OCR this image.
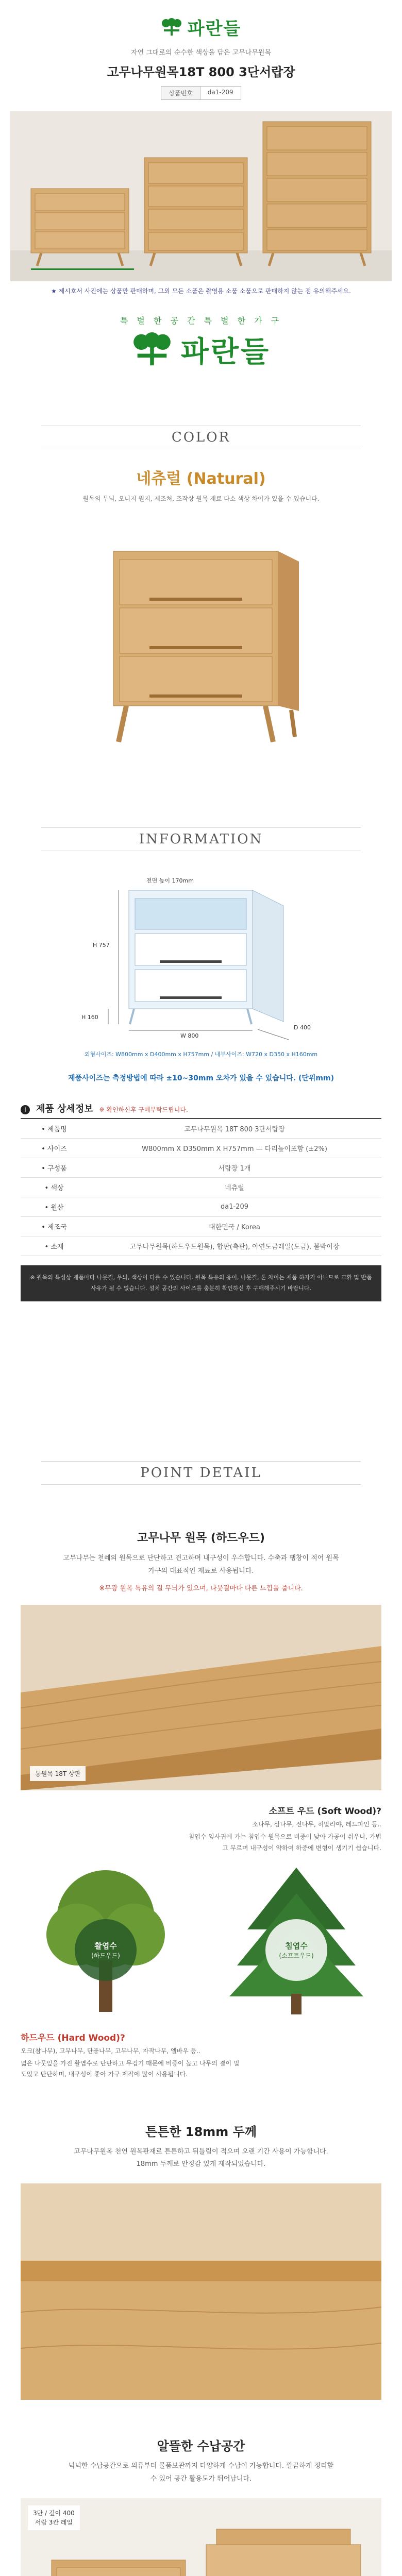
파란들
자연 그대로의 순수한 색상을 담은 고무나무원목
고무나무원목18T 800 3단서랍장
상품번호	da1-209
★ 제시호서 사진에는 상품만 판매하며, 그외 모든 소품은 촬영용 소품 소품으로 판매하지 않는 점 유의해주세요.
특 별 한 공 간 특 별 한 가 구
파란들
COLOR
네츄럴 (Natural)
원목의 무늬, 오니지 원지, 제조처, 조작상 원목 재료 다소 색상 차이가 있을 수 있습니다.
INFORMATION
$^{전면 높이 170mm}$
H 757
H 160
W 800
D 400
외형사이즈: W800mm x D400mm x H757mm / 내부사이즈: W720 x D350 x H160mm
제품사이즈는 측정방법에 따라 ±10~30mm 오차가 있을 수 있습니다. (단위mm)
i	제품 상세정보 ※ 확인하신후 구매부탁드립니다.
• 제품명	고무나무원목 18T 800 3단서랍장
• 사이즈	W800mm X D350mm X H757mm — 다리높이포함 (±2%)
• 구성품	서랍장 1개
• 색상	네츄럴
• 원산	da1-209
• 제조국	대한민국 / Korea
• 소재	고무나무원목(하드우드원목), 합판(측판), 아연도금레일(도금), 불박이장
※ 원목의 특성상 제품마다 나뭇결, 무늬, 색상이 다를 수 있습니다. 원목 특유의 옹이, 나뭇결, 톤 차이는 제품 하자가 아니므로 교환 및 반품 사유가 될 수 없습니다. 설치 공간의 사이즈를 충분히 확인하신 후 구매해주시기 바랍니다.
POINT DETAIL
고무나무 원목 (하드우드)
고무나무는 천혜의 원목으로 단단하고 견고하며 내구성이 우수합니다. 수축과 팽창이 적어 원목 가구의 대표적인 재료로 사용됩니다.
※무광 원목 특유의 결 무늬가 있으며, 나뭇결마다 다른 느낌을 줍니다.
통원목 18T 상판
소프트 우드 (Soft Wood)?
소나무, 삼나무, 전나무, 히말라야, 레드파인 등..
침엽수 잎사귀에 가는 침엽수 원목으로 비중이 낮아 가공이 쉬우나, 가볍고 무르며 내구성이 약하여 하중에 변형이 생기기 쉽습니다.
활엽수
(하드우드)
침엽수
(소프트우드)
하드우드 (Hard Wood)?
오크(참나무), 고무나무, 단풍나무, 고무나무, 자작나무, 엘바우 등..
넓은 나뭇잎을 가진 활엽수로 단단하고 무겁기 때문에 비중이 높고 나무의 결이 밀도있고 단단하며, 내구성이 좋아 가구 제작에 많이 사용됩니다.
튼튼한 18mm 두께
고무나무원목 천연 원목판재로 튼튼하고 뒤틀림이 적으며 오랜 기간 사용이 가능합니다. 18mm 두께로 안정감 있게 제작되었습니다.
알뜰한 수납공간
넉넉한 수납공간으로 의류부터 물품보관까지 다양하게 수납이 가능합니다. 깔끔하게 정리할 수 있어 공간 활용도가 뛰어납니다.
3단 / 깊이 400
서랍 3칸 레일
